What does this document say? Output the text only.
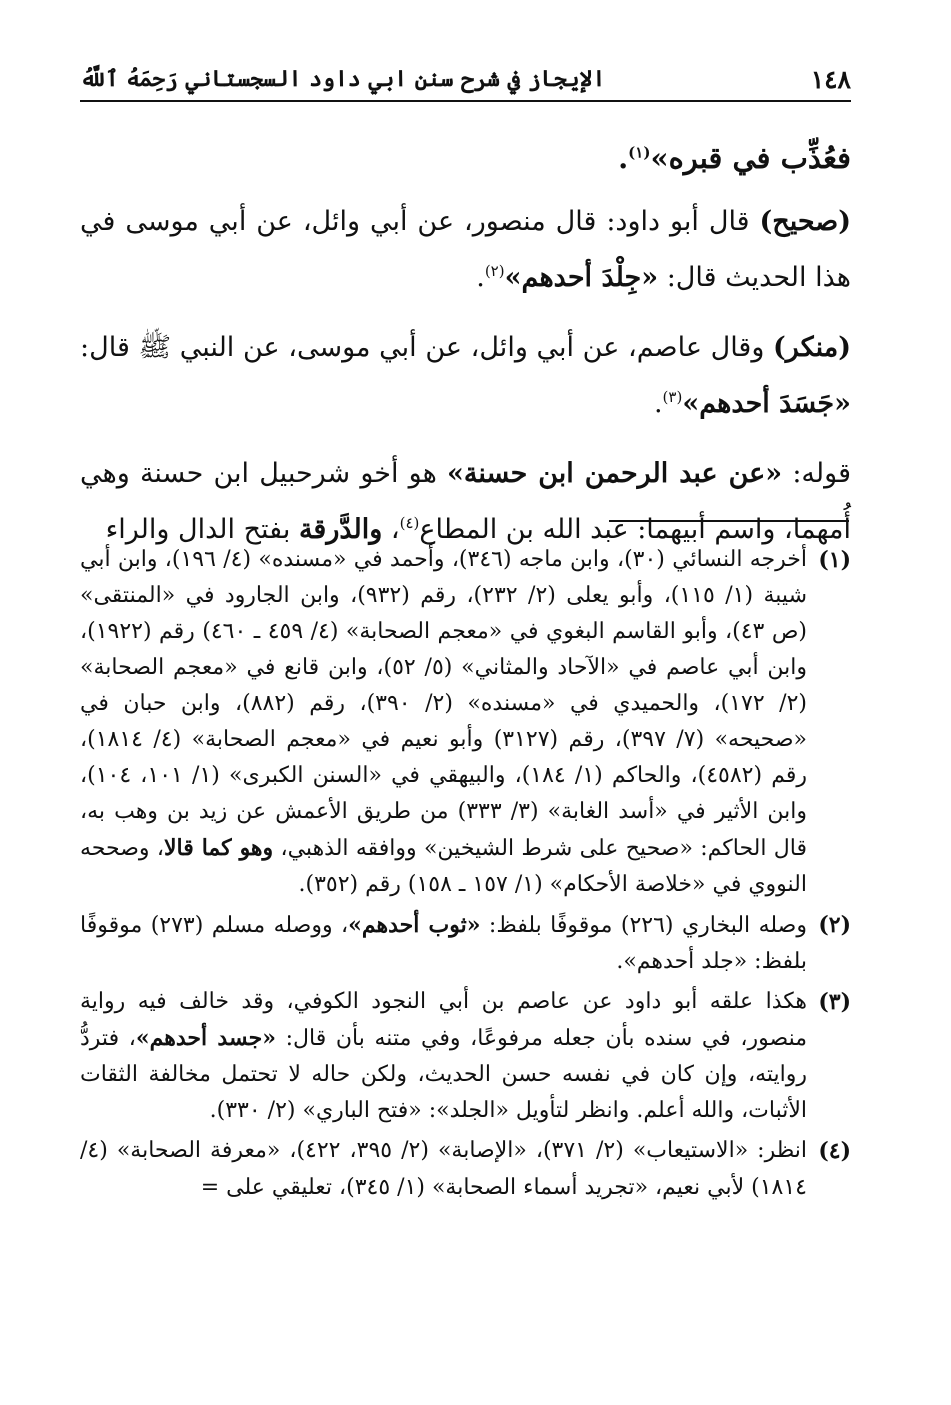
١٤٨
الإيجاز في شرح سنن ابي داود السجستاني رَحِمَهُ ٱللَّهُ

فعُذِّب في قبره»$^{(١)}$.

(صحيح) قال أبو داود: قال منصور، عن أبي وائل، عن أبي موسى في هذا الحديث قال: «جِلْدَ أحدهم»$^{(٢)}$.

(منكر) وقال عاصم، عن أبي وائل، عن أبي موسى، عن النبي ﷺ قال: «جَسَدَ أحدهم»$^{(٣)}$.

قوله: «عن عبد الرحمن ابن حسنة» هو أخو شرحبيل ابن حسنة وهي أُمهما، واسم أبيهما: عبد الله بن المطاع$^{(٤)}$، والدَّرقة بفتح الدال والراء

(١)
أخرجه النسائي (٣٠)، وابن ماجه (٣٤٦)، وأحمد في «مسنده» (٤/ ١٩٦)، وابن أبي شيبة (١/ ١١٥)، وأبو يعلى (٢/ ٢٣٢)، رقم (٩٣٢)، وابن الجارود في «المنتقى» (ص ٤٣)، وأبو القاسم البغوي في «معجم الصحابة» (٤/ ٤٥٩ ـ ٤٦٠) رقم (١٩٢٢)، وابن أبي عاصم في «الآحاد والمثاني» (٥/ ٥٢)، وابن قانع في «معجم الصحابة» (٢/ ١٧٢)، والحميدي في «مسنده» (٢/ ٣٩٠)، رقم (٨٨٢)، وابن حبان في «صحيحه» (٧/ ٣٩٧)، رقم (٣١٢٧) وأبو نعيم في «معجم الصحابة» (٤/ ١٨١٤)، رقم (٤٥٨٢)، والحاكم (١/ ١٨٤)، والبيهقي في «السنن الكبرى» (١/ ١٠١، ١٠٤)، وابن الأثير في «أسد الغابة» (٣/ ٣٣٣) من طريق الأعمش عن زيد بن وهب به، قال الحاكم: «صحيح على شرط الشيخين» ووافقه الذهبي، وهو كما قالا، وصححه النووي في «خلاصة الأحكام» (١/ ١٥٧ ـ ١٥٨) رقم (٣٥٢).
(٢)
وصله البخاري (٢٢٦) موقوفًا بلفظ: «ثوب أحدهم»، ووصله مسلم (٢٧٣) موقوفًا بلفظ: «جلد أحدهم».
(٣)
هكذا علقه أبو داود عن عاصم بن أبي النجود الكوفي، وقد خالف فيه رواية منصور، في سنده بأن جعله مرفوعًا، وفي متنه بأن قال: «جسد أحدهم»، فتردُّ روايته، وإن كان في نفسه حسن الحديث، ولكن حاله لا تحتمل مخالفة الثقات الأثبات، والله أعلم. وانظر لتأويل «الجلد»: «فتح الباري» (٢/ ٣٣٠).
(٤)
انظر: «الاستيعاب» (٢/ ٣٧١)، «الإصابة» (٢/ ٣٩٥، ٤٢٢)، «معرفة الصحابة» (٤/ ١٨١٤) لأبي نعيم، «تجريد أسماء الصحابة» (١/ ٣٤٥)، تعليقي على =
